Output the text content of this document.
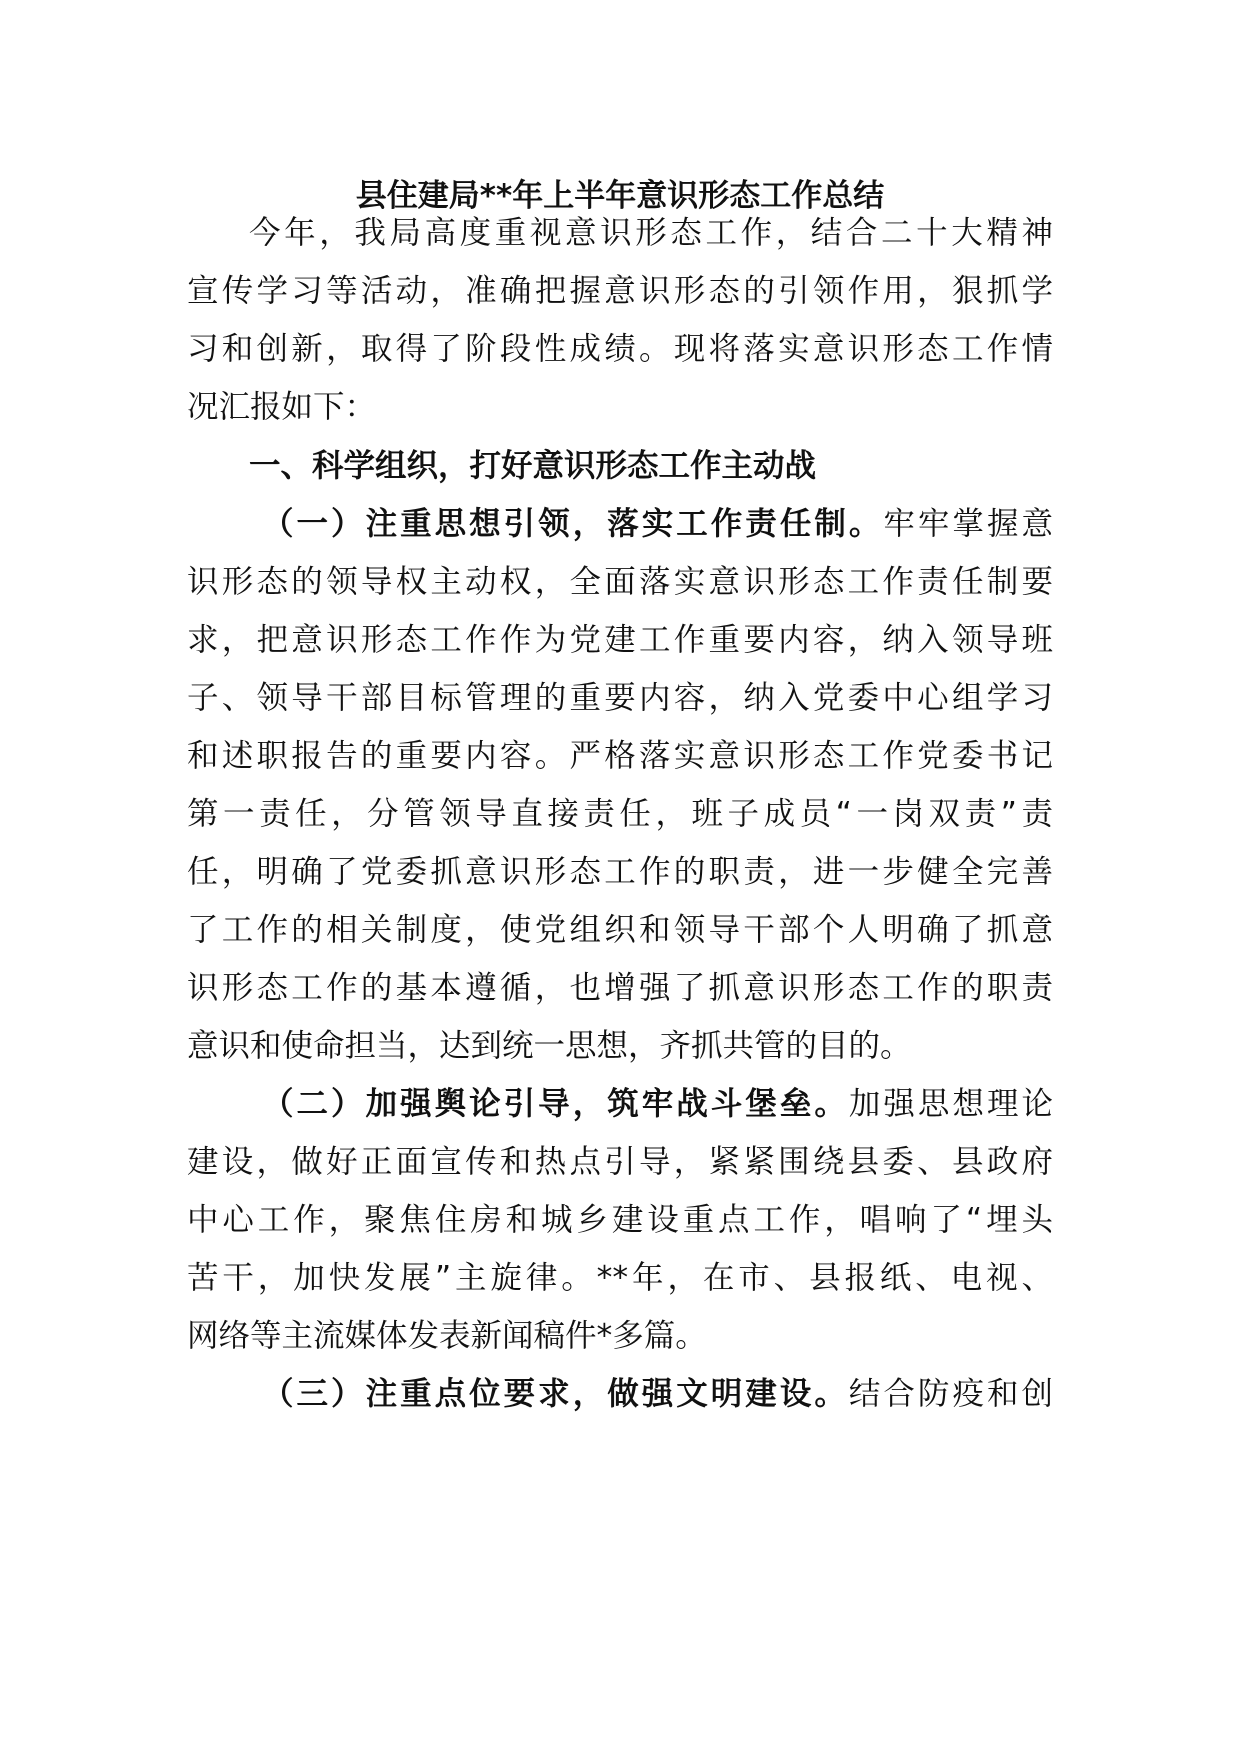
县住建局**年上半年意识形态工作总结
今年，我局高度重视意识形态工作，结合二十大精神
宣传学习等活动，准确把握意识形态的引领作用，狠抓学
习和创新，取得了阶段性成绩。现将落实意识形态工作情
况汇报如下：
一、科学组织，打好意识形态工作主动战
（一）注重思想引领，落实工作责任制。牢牢掌握意
识形态的领导权主动权，全面落实意识形态工作责任制要
求，把意识形态工作作为党建工作重要内容，纳入领导班
子、领导干部目标管理的重要内容，纳入党委中心组学习
和述职报告的重要内容。严格落实意识形态工作党委书记
第一责任，分管领导直接责任，班子成员“一岗双责”责
任，明确了党委抓意识形态工作的职责，进一步健全完善
了工作的相关制度，使党组织和领导干部个人明确了抓意
识形态工作的基本遵循，也增强了抓意识形态工作的职责
意识和使命担当，达到统一思想，齐抓共管的目的。
（二）加强舆论引导，筑牢战斗堡垒。加强思想理论
建设，做好正面宣传和热点引导，紧紧围绕县委、县政府
中心工作，聚焦住房和城乡建设重点工作，唱响了“埋头
苦干，加快发展”主旋律。**年，在市、县报纸、电视、
网络等主流媒体发表新闻稿件*多篇。
（三）注重点位要求，做强文明建设。结合防疫和创
